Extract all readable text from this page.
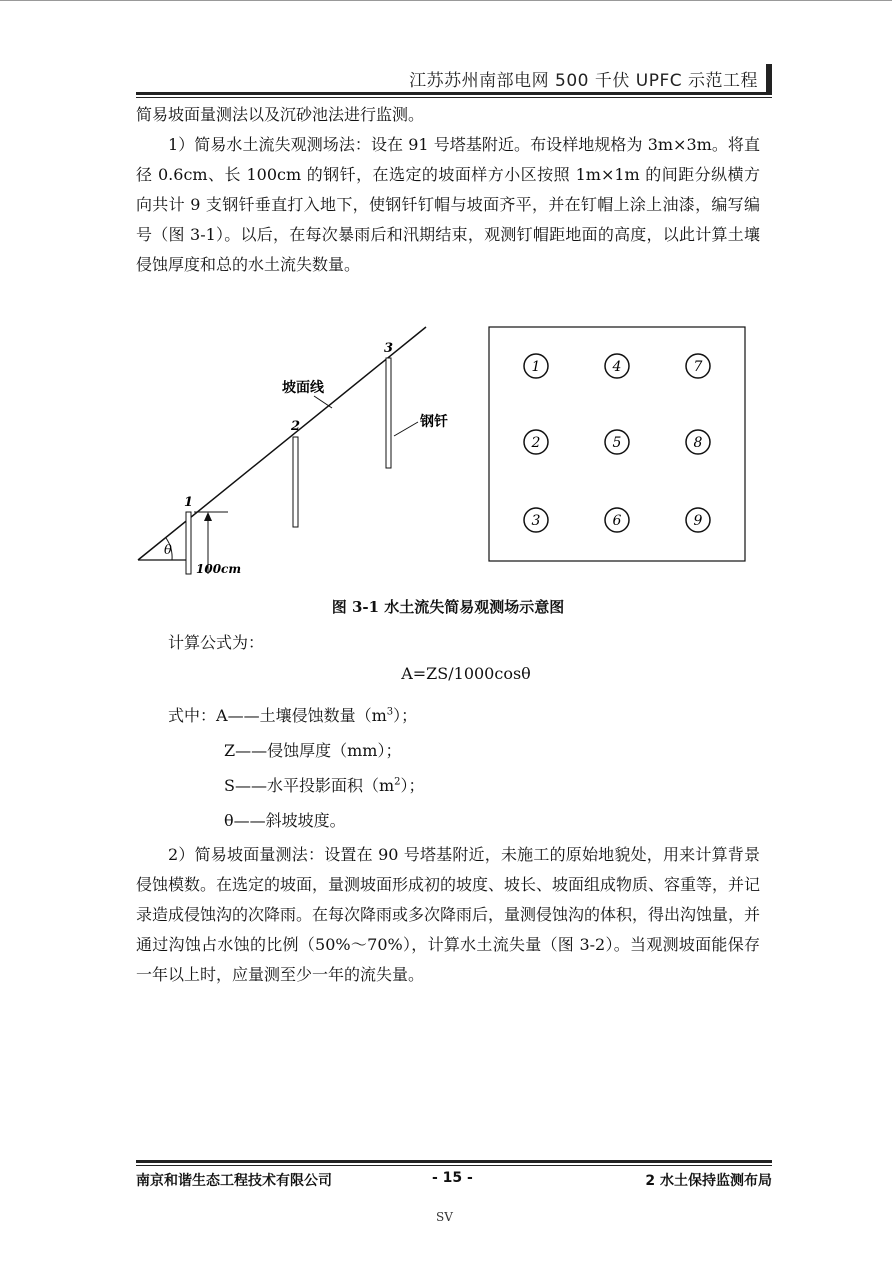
江苏苏州南部电网 500 千伏 UPFC 示范工程

简易坡面量测法以及沉砂池法进行监测。

1）简易水土流失观测场法：设在 91 号塔基附近。布设样地规格为 3m×3m。将直径 0.6cm、长 100cm 的钢钎，在选定的坡面样方小区按照 1m×1m 的间距分纵横方向共计 9 支钢钎垂直打入地下，使钢钎钉帽与坡面齐平，并在钉帽上涂上油漆，编写编号（图 3-1）。以后，在每次暴雨后和汛期结束，观测钉帽距地面的高度，以此计算土壤侵蚀厚度和总的水土流失数量。

θ
1
100cm
2
3
坡面线
钢钎
1	4	7
2	5	8
3	6	9
图 3-1 水土流失简易观测场示意图
计算公式为：
A=ZS/1000cosθ
式中：A——土壤侵蚀数量$(m^3)$；
Z——侵蚀厚度（mm）；
S——水平投影面积$(m^2)$；
θ——斜坡坡度。

2）简易坡面量测法：设置在 90 号塔基附近，未施工的原始地貌处，用来计算背景侵蚀模数。在选定的坡面，量测坡面形成初的坡度、坡长、坡面组成物质、容重等，并记录造成侵蚀沟的次降雨。在每次降雨或多次降雨后，量测侵蚀沟的体积，得出沟蚀量，并通过沟蚀占水蚀的比例（50%～70%），计算水土流失量（图 3-2）。当观测坡面能保存一年以上时，应量测至少一年的流失量。

南京和谐生态工程技术有限公司	- 15 -	2 水土保持监测布局
SV
